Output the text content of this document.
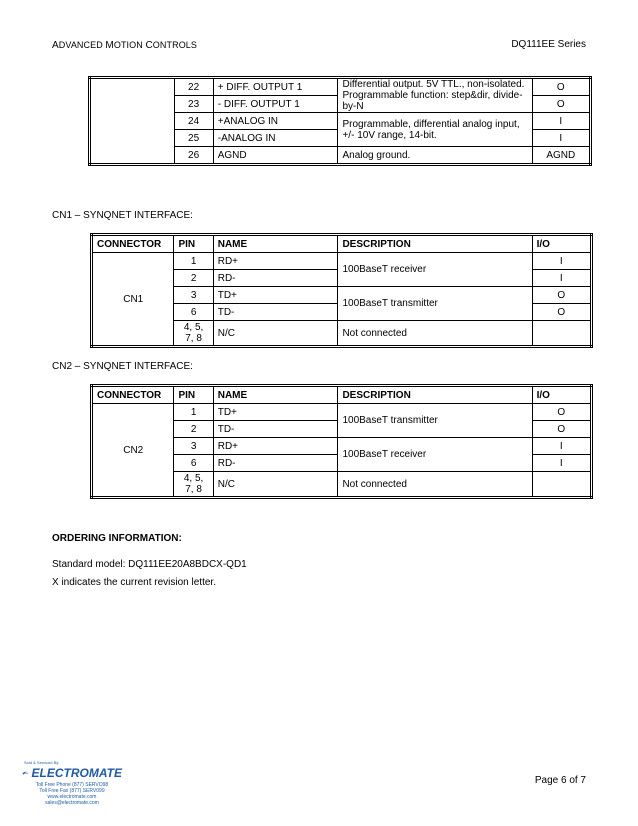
ADVANCED MOTION CONTROLS	DQ111EE Series
	22	+ DIFF. OUTPUT 1	Differential output. 5V TTL., non-isolated. Programmable function: step&dir, divide-by-N	O
	23	- DIFF. OUTPUT 1		O
	24	+ANALOG IN	Programmable, differential analog input, +/- 10V range, 14-bit.	I
	25	-ANALOG IN		I
	26	AGND	Analog ground.	AGND
CN1 – SYNQNET INTERFACE:
CONNECTOR	PIN	NAME	DESCRIPTION	I/O
CN1	1	RD+	100BaseT receiver	I
	2	RD-		I
	3	TD+	100BaseT transmitter	O
	6	TD-		O
	4, 5,
7, 8	N/C	Not connected	
CN2 – SYNQNET INTERFACE:
CONNECTOR	PIN	NAME	DESCRIPTION	I/O
CN2	1	TD+	100BaseT transmitter	O
	2	TD-		O
	3	RD+	100BaseT receiver	I
	6	RD-		I
	4, 5,
7, 8	N/C	Not connected	
ORDERING INFORMATION:
Standard model: DQ111EE20A8BDCX-QD1
X indicates the current revision letter.
Sold & Serviced By:
ELECTROMATE
Toll Free Phone (877) SERVO98
Toll Free Fax (877) SERV099
www.electromate.com
sales@electromate.com
Page 6 of 7
